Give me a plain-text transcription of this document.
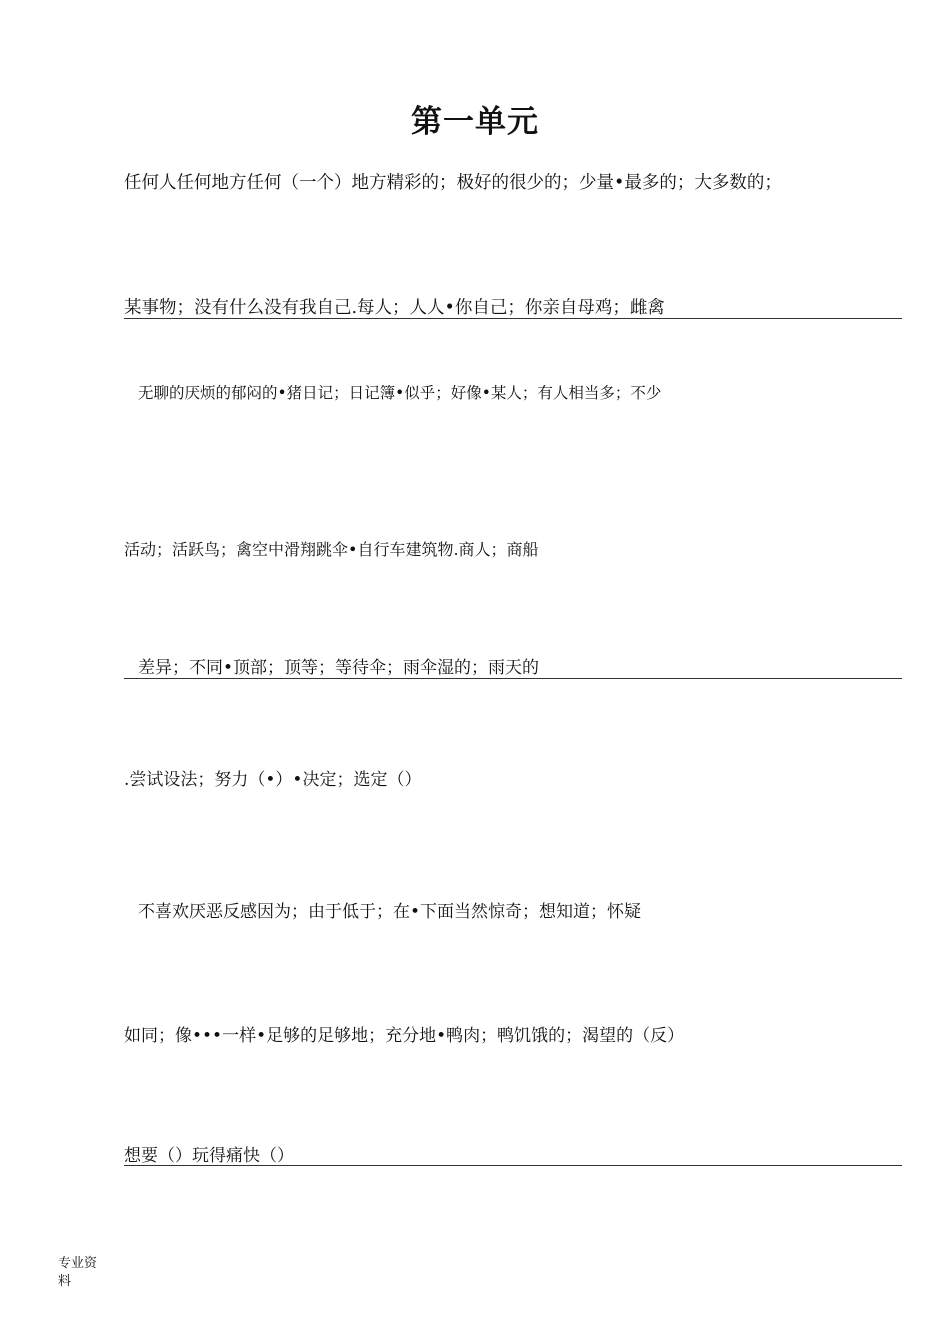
第一单元
任何人任何地方任何（一个）地方精彩的；极好的很少的；少量•最多的；大多数的；
某事物；没有什么没有我自己.每人；人人•你自己；你亲自母鸡；雌禽
无聊的厌烦的郁闷的•猪日记；日记簿•似乎；好像•某人；有人相当多；不少
活动；活跃鸟；禽空中滑翔跳伞•自行车建筑物.商人；商船
差异；不同•顶部；顶等；等待伞；雨伞湿的；雨天的
.尝试设法；努力（•）•决定；选定（）
不喜欢厌恶反感因为；由于低于；在•下面当然惊奇；想知道；怀疑
如同；像•••一样•足够的足够地；充分地•鸭肉；鸭饥饿的；渴望的（反）
想要（）玩得痛快（）
专业资料
